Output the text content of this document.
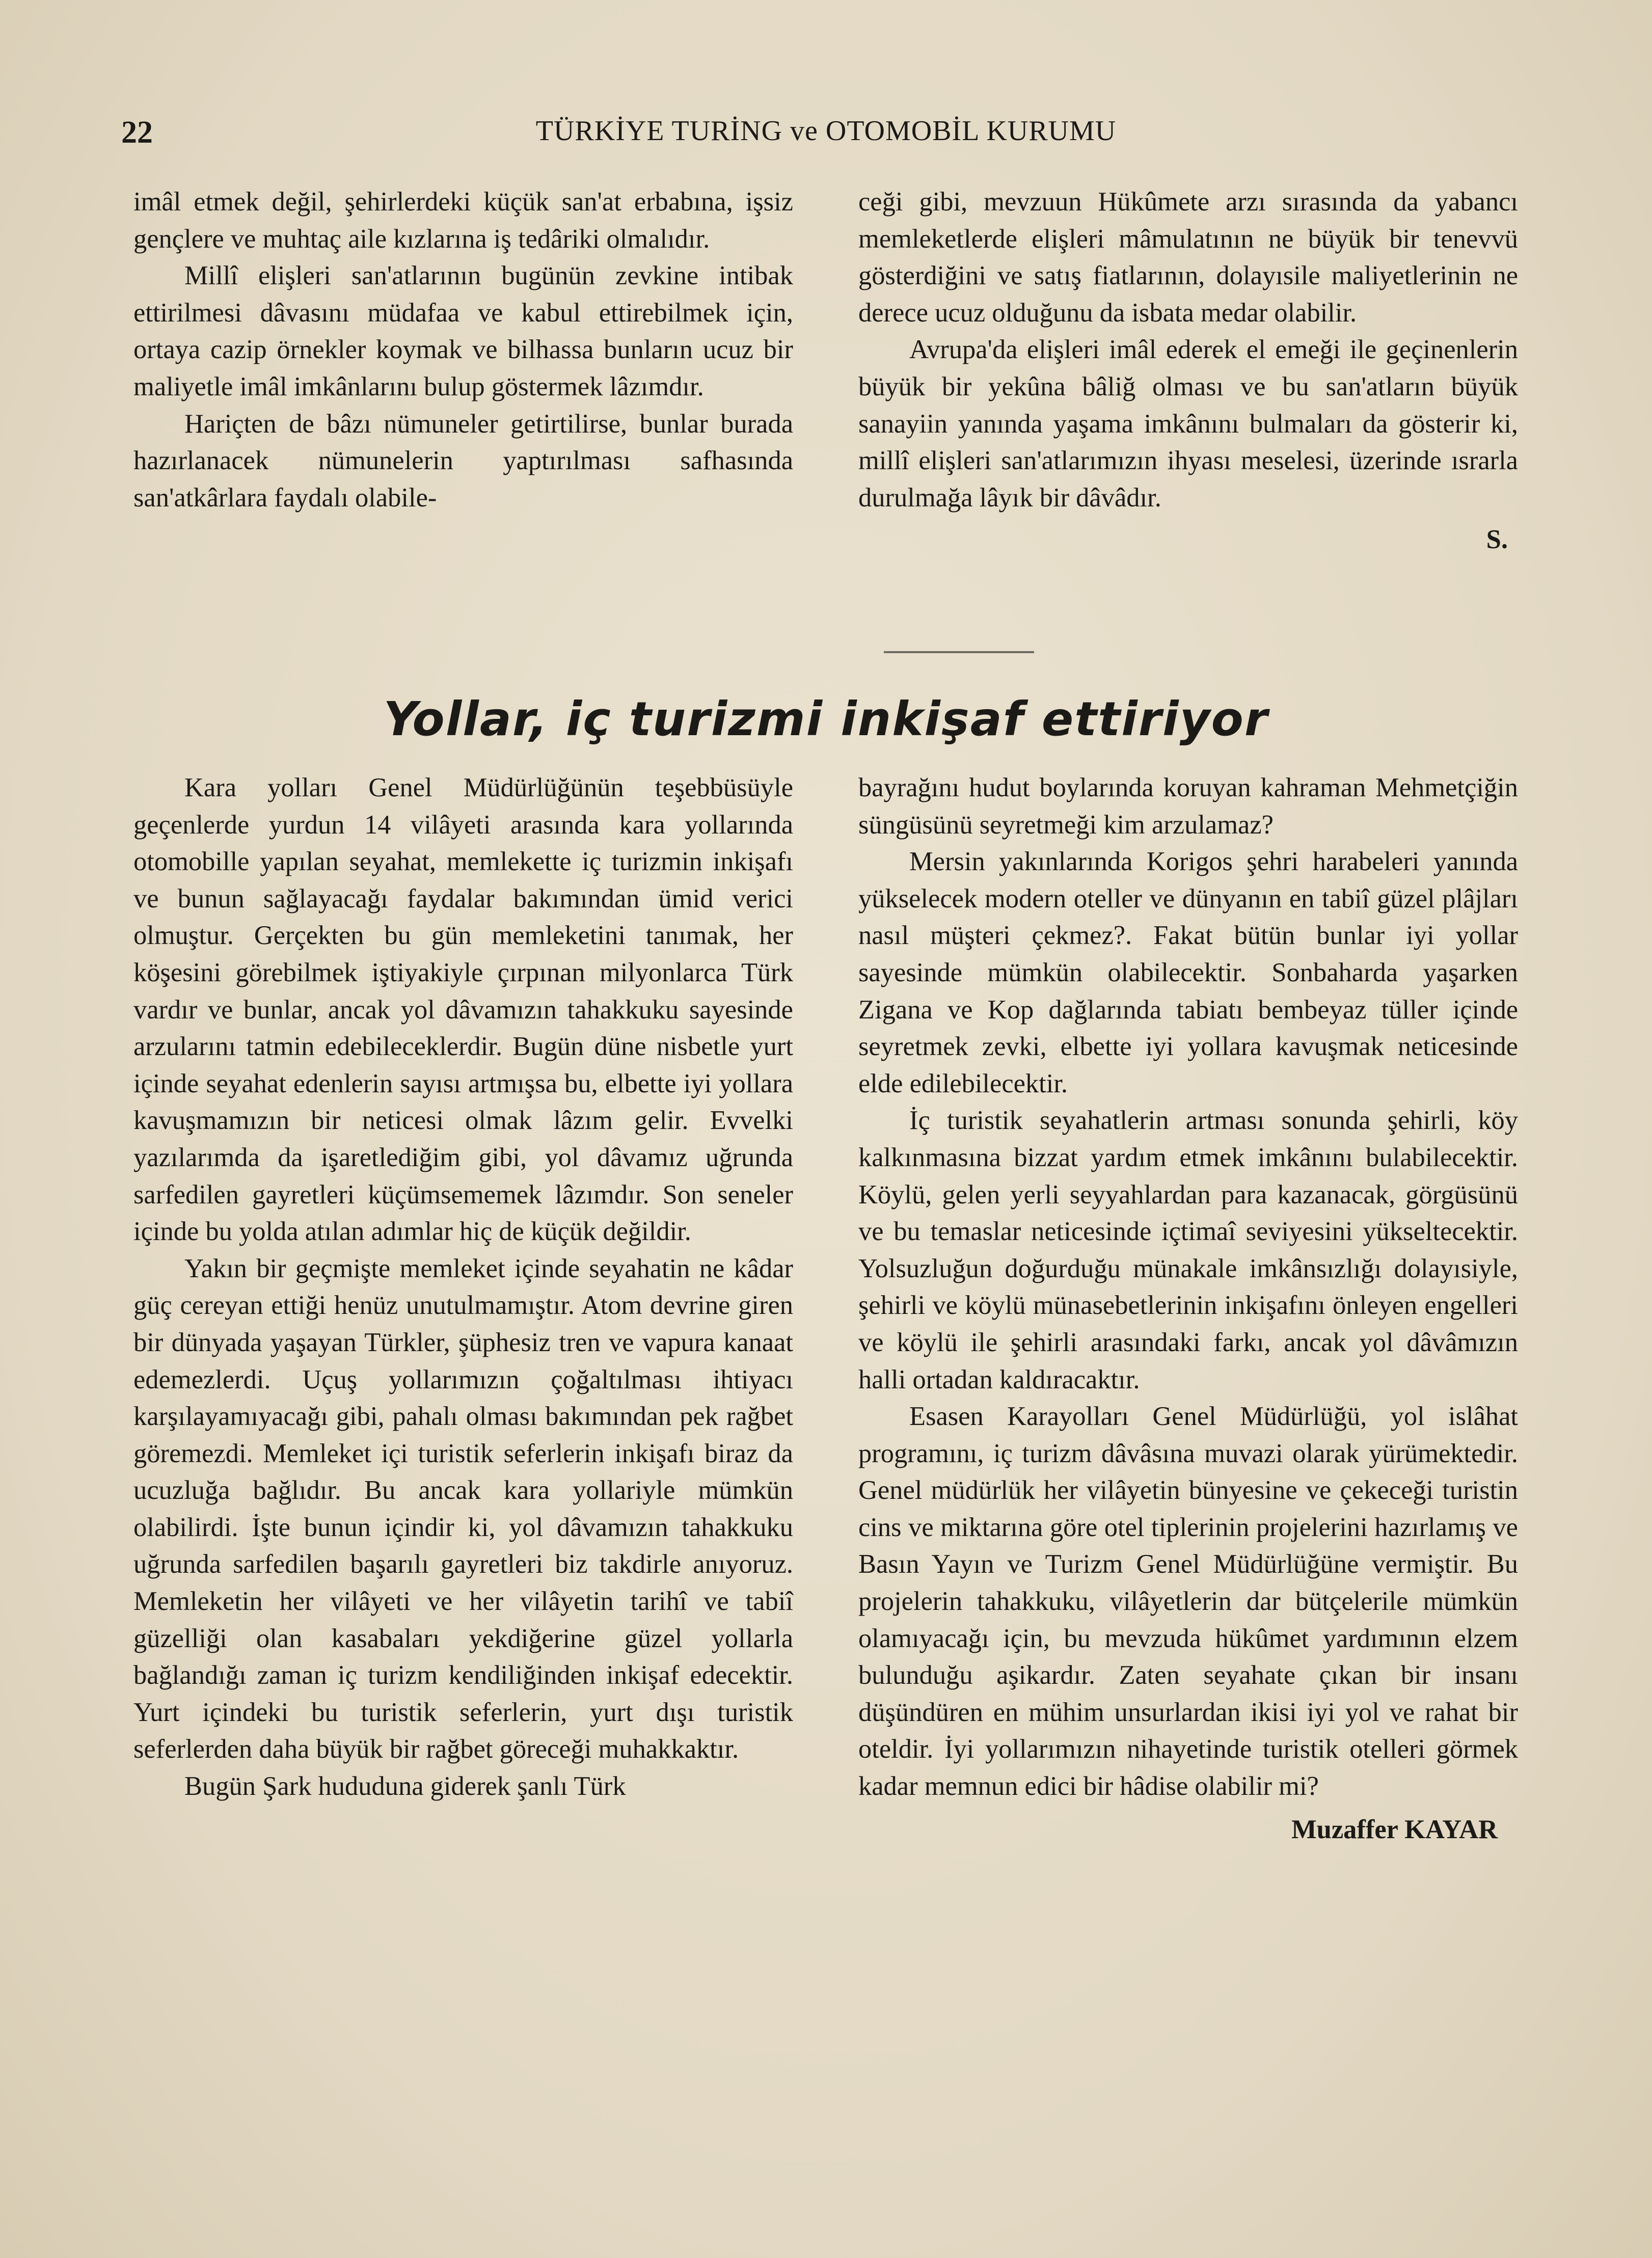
22	TÜRKİYE TURİNG ve OTOMOBİL KURUMU

imâl etmek değil, şehirlerdeki küçük san'at erbabına, işsiz gençlere ve muhtaç aile kızlarına iş tedâriki olmalıdır.

Millî elişleri san'atlarının bugünün zevkine intibak ettirilmesi dâvasını müdafaa ve kabul ettirebilmek için, ortaya cazip örnekler koymak ve bilhassa bunların ucuz bir maliyetle imâl imkânlarını bulup göstermek lâzımdır.

Hariçten de bâzı nümuneler getirtilirse, bunlar burada hazırlanacek nümunelerin yaptırılması safhasında san'atkârlara faydalı olabile-

ceği gibi, mevzuun Hükûmete arzı sırasında da yabancı memleketlerde elişleri mâmulatının ne büyük bir tenevvü gösterdiğini ve satış fiatlarının, dolayısile maliyetlerinin ne derece ucuz olduğunu da isbata medar olabilir.

Avrupa'da elişleri imâl ederek el emeği ile geçinenlerin büyük bir yekûna bâliğ olması ve bu san'atların büyük sanayiin yanında yaşama imkânını bulmaları da gösterir ki, millî elişleri san'atlarımızın ihyası meselesi, üzerinde ısrarla durulmağa lâyık bir dâvâdır.

S.
Yollar, iç turizmi inkişaf ettiriyor

Kara yolları Genel Müdürlüğünün teşebbüsüyle geçenlerde yurdun 14 vilâyeti arasında kara yollarında otomobille yapılan seyahat, memlekette iç turizmin inkişafı ve bunun sağlayacağı faydalar bakımından ümid verici olmuştur. Gerçekten bu gün memleketini tanımak, her köşesini görebilmek iştiyakiyle çırpınan milyonlarca Türk vardır ve bunlar, ancak yol dâvamızın tahakkuku sayesinde arzularını tatmin edebileceklerdir. Bugün düne nisbetle yurt içinde seyahat edenlerin sayısı artmışsa bu, elbette iyi yollara kavuşmamızın bir neticesi olmak lâzım gelir. Evvelki yazılarımda da işaretlediğim gibi, yol dâvamız uğrunda sarfedilen gayretleri küçümsememek lâzımdır. Son seneler içinde bu yolda atılan adımlar hiç de küçük değildir.

Yakın bir geçmişte memleket içinde seyahatin ne kâdar güç cereyan ettiği henüz unutulmamıştır. Atom devrine giren bir dünyada yaşayan Türkler, şüphesiz tren ve vapura kanaat edemezlerdi. Uçuş yollarımızın çoğaltılması ihtiyacı karşılayamıyacağı gibi, pahalı olması bakımından pek rağbet göremezdi. Memleket içi turistik seferlerin inkişafı biraz da ucuzluğa bağlıdır. Bu ancak kara yollariyle mümkün olabilirdi. İşte bunun içindir ki, yol dâvamızın tahakkuku uğrunda sarfedilen başarılı gayretleri biz takdirle anıyoruz. Memleketin her vilâyeti ve her vilâyetin tarihî ve tabiî güzelliği olan kasabaları yekdiğerine güzel yollarla bağlandığı zaman iç turizm kendiliğinden inkişaf edecektir. Yurt içindeki bu turistik seferlerin, yurt dışı turistik seferlerden daha büyük bir rağbet göreceği muhakkaktır.

Bugün Şark hududuna giderek şanlı Türk

bayrağını hudut boylarında koruyan kahraman Mehmetçiğin süngüsünü seyretmeği kim arzulamaz?

Mersin yakınlarında Korigos şehri harabeleri yanında yükselecek modern oteller ve dünyanın en tabiî güzel plâjları nasıl müşteri çekmez?. Fakat bütün bunlar iyi yollar sayesinde mümkün olabilecektir. Sonbaharda yaşarken Zigana ve Kop dağlarında tabiatı bembeyaz tüller içinde seyretmek zevki, elbette iyi yollara kavuşmak neticesinde elde edilebilecektir.

İç turistik seyahatlerin artması sonunda şehirli, köy kalkınmasına bizzat yardım etmek imkânını bulabilecektir. Köylü, gelen yerli seyyahlardan para kazanacak, görgüsünü ve bu temaslar neticesinde içtimaî seviyesini yükseltecektir. Yolsuzluğun doğurduğu münakale imkânsızlığı dolayısiyle, şehirli ve köylü münasebetlerinin inkişafını önleyen engelleri ve köylü ile şehirli arasındaki farkı, ancak yol dâvâmızın halli ortadan kaldıracaktır.

Esasen Karayolları Genel Müdürlüğü, yol islâhat programını, iç turizm dâvâsına muvazi olarak yürümektedir. Genel müdürlük her vilâyetin bünyesine ve çekeceği turistin cins ve miktarına göre otel tiplerinin projelerini hazırlamış ve Basın Yayın ve Turizm Genel Müdürlüğüne vermiştir. Bu projelerin tahakkuku, vilâyetlerin dar bütçelerile mümkün olamıyacağı için, bu mevzuda hükûmet yardımının elzem bulunduğu aşikardır. Zaten seyahate çıkan bir insanı düşündüren en mühim unsurlardan ikisi iyi yol ve rahat bir oteldir. İyi yollarımızın nihayetinde turistik otelleri görmek kadar memnun edici bir hâdise olabilir mi?

Muzaffer KAYAR
